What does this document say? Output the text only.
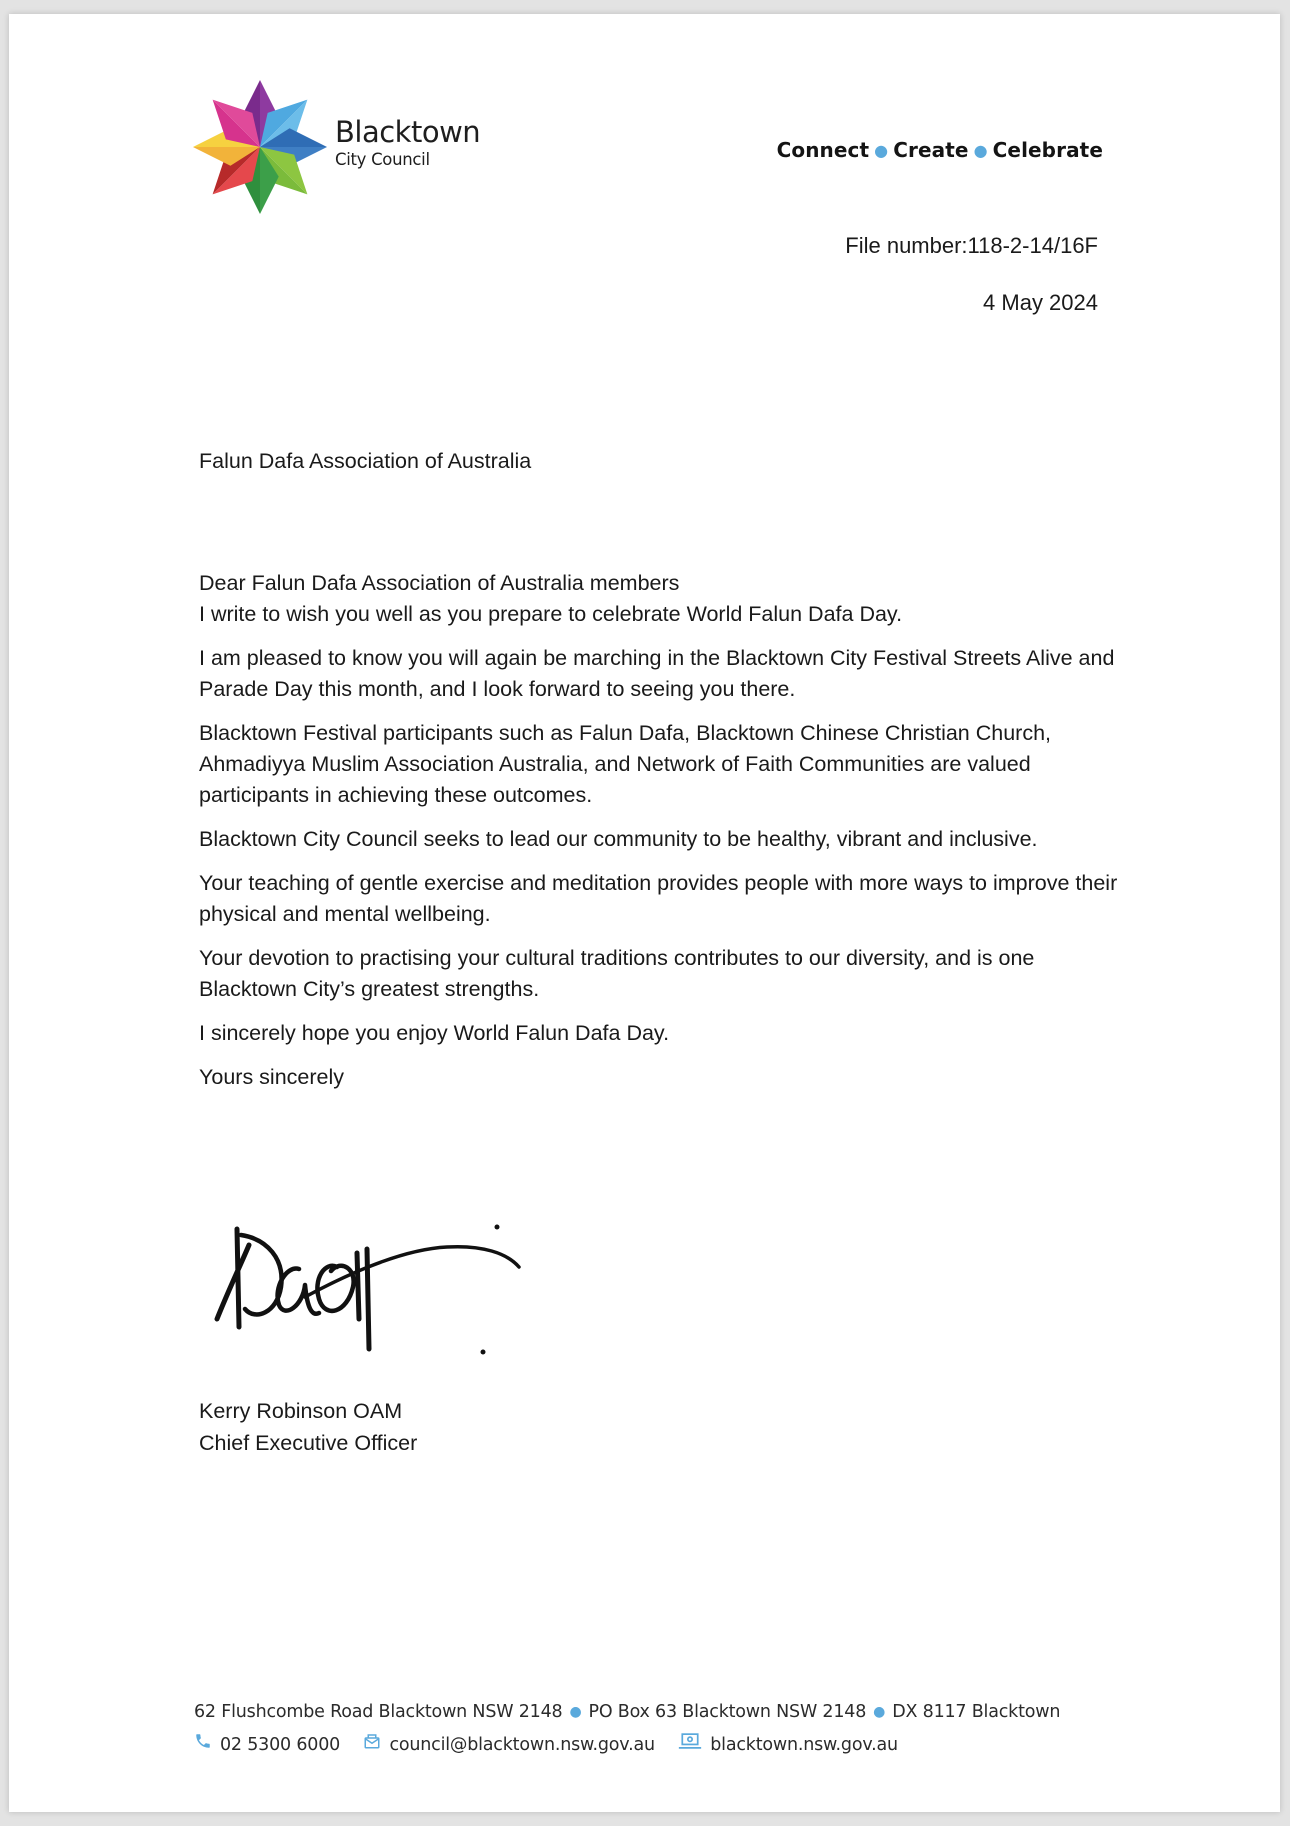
Blacktown
City Council	Connect ● Create ● Celebrate
File number:118-2-14/16F
4 May 2024
Falun Dafa Association of Australia
Dear Falun Dafa Association of Australia members

I write to wish you well as you prepare to celebrate World Falun Dafa Day.

I am pleased to know you will again be marching in the Blacktown City Festival Streets Alive and Parade Day this month, and I look forward to seeing you there.

Blacktown Festival participants such as Falun Dafa, Blacktown Chinese Christian Church, Ahmadiyya Muslim Association Australia, and Network of Faith Communities are valued participants in achieving these outcomes.

Blacktown City Council seeks to lead our community to be healthy, vibrant and inclusive.

Your teaching of gentle exercise and meditation provides people with more ways to improve their physical and mental wellbeing.

Your devotion to practising your cultural traditions contributes to our diversity, and is one Blacktown City’s greatest strengths.

I sincerely hope you enjoy World Falun Dafa Day.

Yours sincerely

Kerry Robinson OAM
Chief Executive Officer
62 Flushcombe Road Blacktown NSW 2148 ● PO Box 63 Blacktown NSW 2148 ● DX 8117 Blacktown
02 5300 6000	council@blacktown.nsw.gov.au	blacktown.nsw.gov.au
